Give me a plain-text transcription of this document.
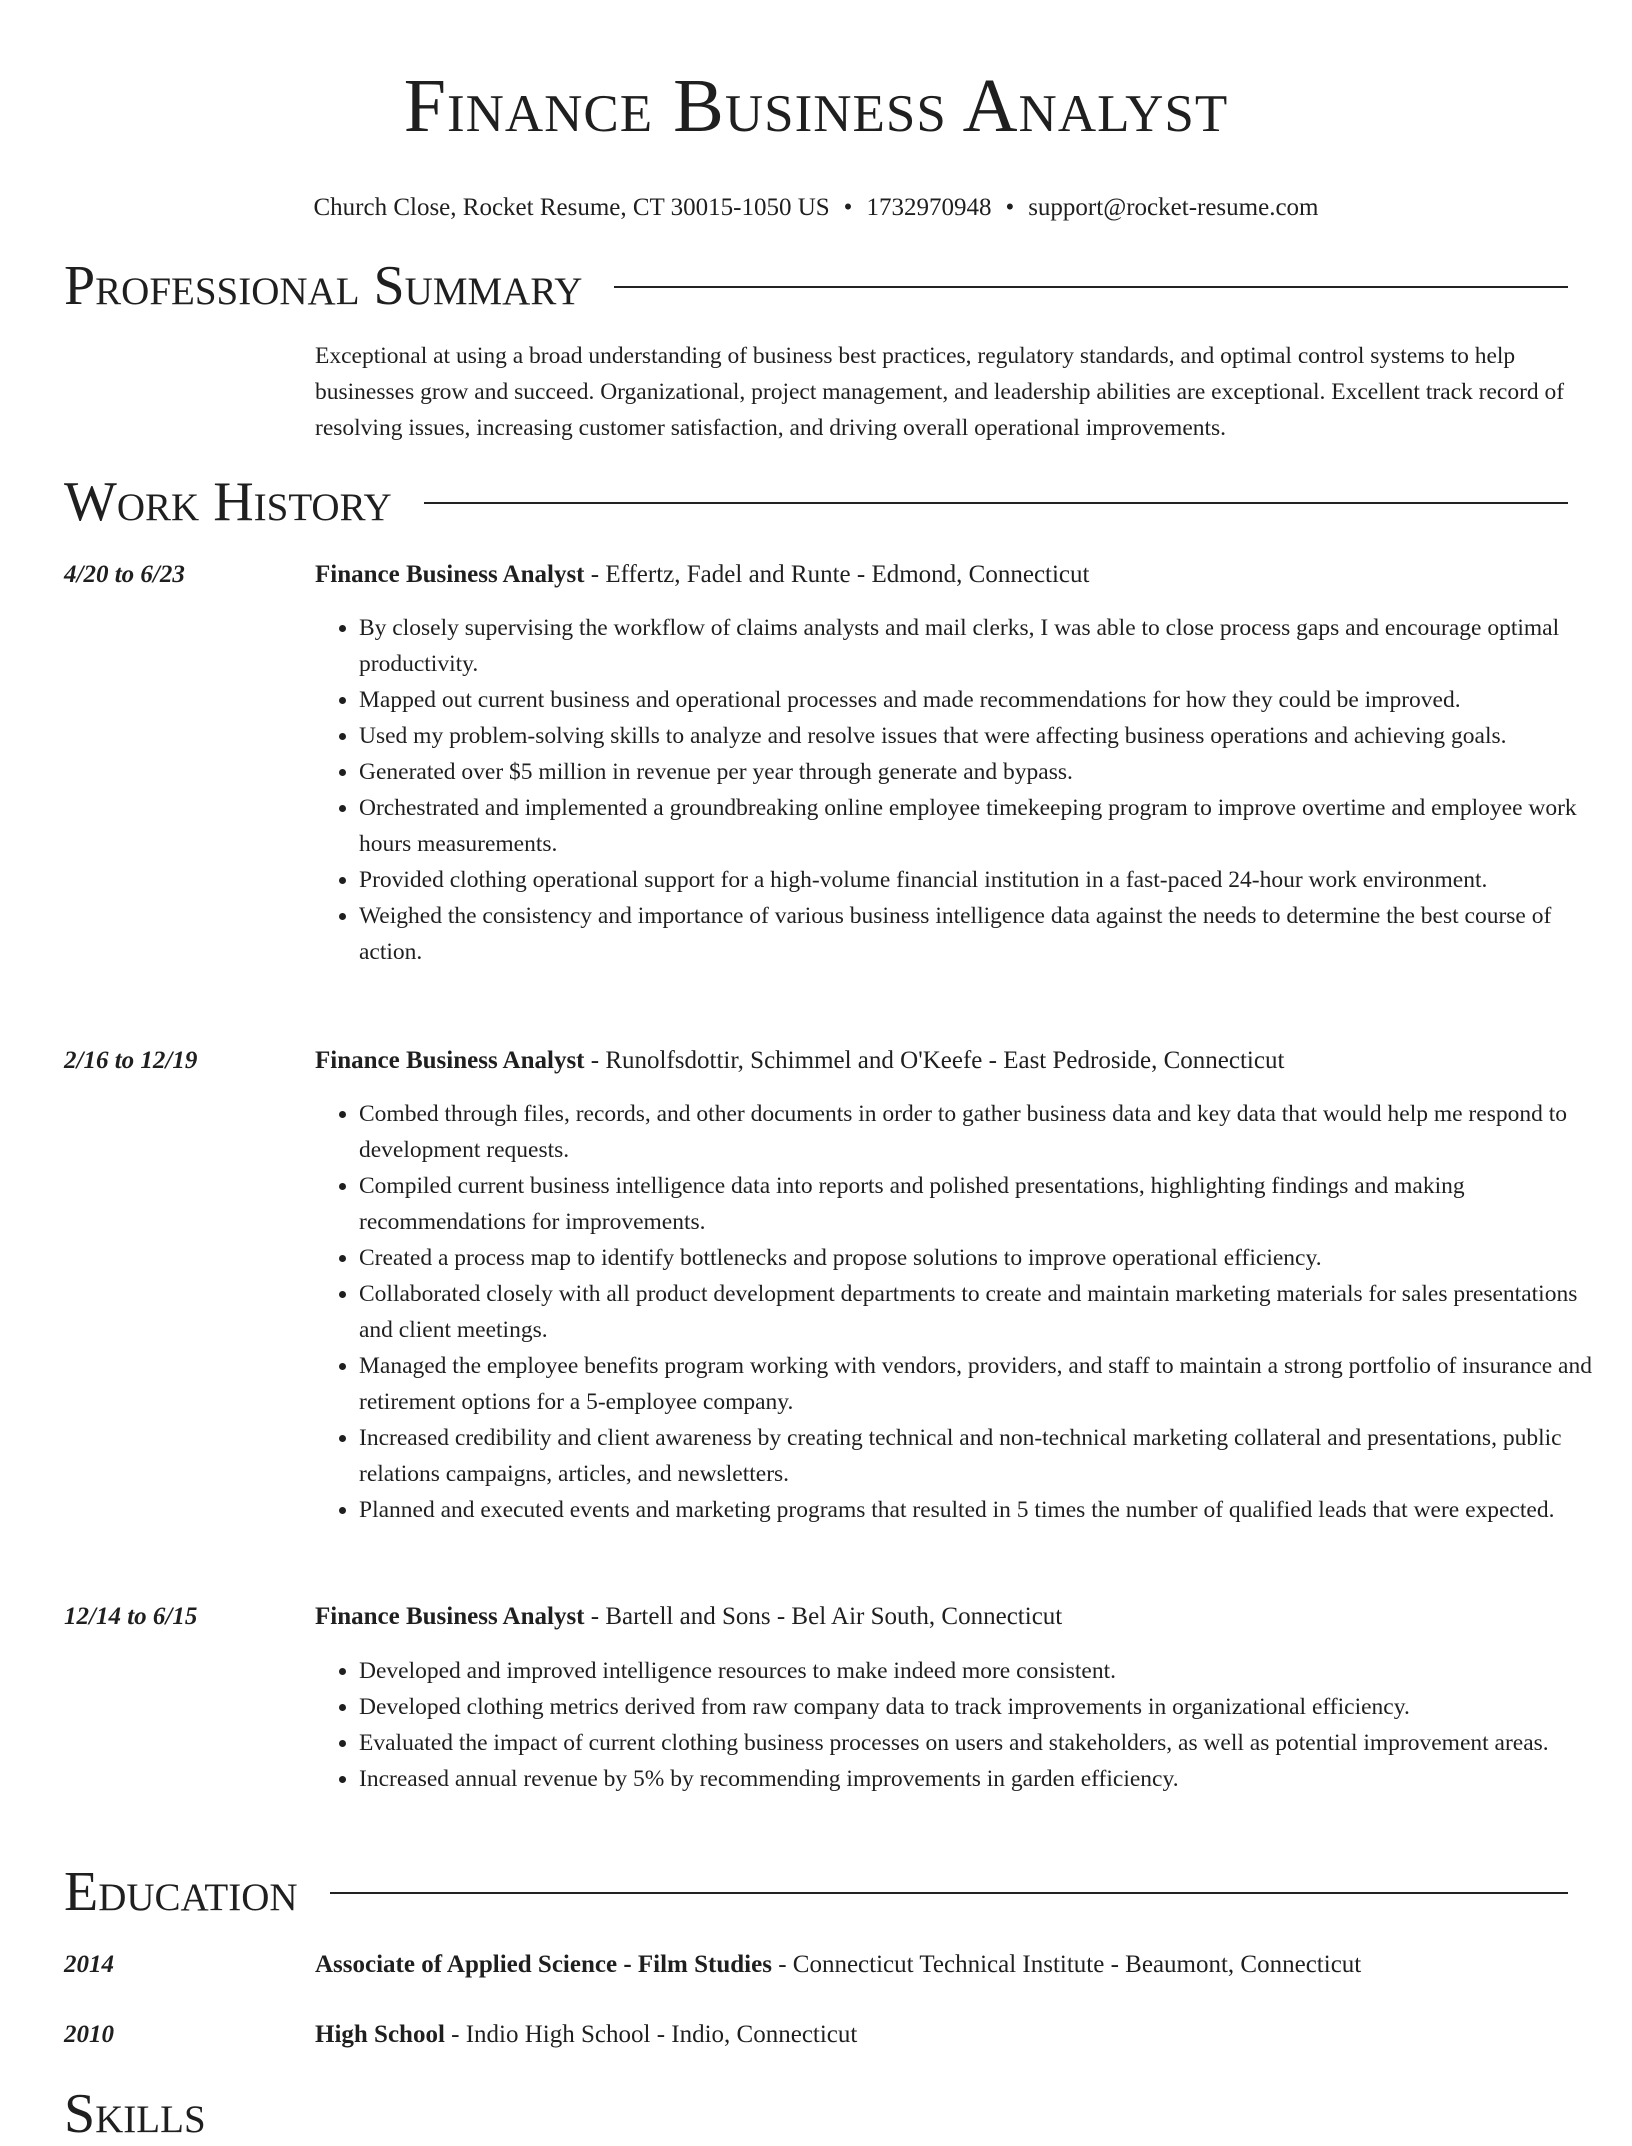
Finance Business Analyst
Church Close, Rocket Resume, CT 30015-1050 US • 1732970948 • support@rocket-resume.com
Professional Summary
Exceptional at using a broad understanding of business best practices, regulatory standards, and optimal control systems to help businesses grow and succeed. Organizational, project management, and leadership abilities are exceptional. Excellent track record of resolving issues, increasing customer satisfaction, and driving overall operational improvements.
Work History
4/20 to 6/23	Finance Business Analyst - Effertz, Fadel and Runte - Edmond, Connecticut
• By closely supervising the workflow of claims analysts and mail clerks, I was able to close process gaps and encourage optimal productivity.
• Mapped out current business and operational processes and made recommendations for how they could be improved.
• Used my problem-solving skills to analyze and resolve issues that were affecting business operations and achieving goals.
• Generated over $5 million in revenue per year through generate and bypass.
• Orchestrated and implemented a groundbreaking online employee timekeeping program to improve overtime and employee work hours measurements.
• Provided clothing operational support for a high-volume financial institution in a fast-paced 24-hour work environment.
• Weighed the consistency and importance of various business intelligence data against the needs to determine the best course of action.
2/16 to 12/19	Finance Business Analyst - Runolfsdottir, Schimmel and O'Keefe - East Pedroside, Connecticut
• Combed through files, records, and other documents in order to gather business data and key data that would help me respond to development requests.
• Compiled current business intelligence data into reports and polished presentations, highlighting findings and making recommendations for improvements.
• Created a process map to identify bottlenecks and propose solutions to improve operational efficiency.
• Collaborated closely with all product development departments to create and maintain marketing materials for sales presentations and client meetings.
• Managed the employee benefits program working with vendors, providers, and staff to maintain a strong portfolio of insurance and retirement options for a 5-employee company.
• Increased credibility and client awareness by creating technical and non-technical marketing collateral and presentations, public relations campaigns, articles, and newsletters.
• Planned and executed events and marketing programs that resulted in 5 times the number of qualified leads that were expected.
12/14 to 6/15	Finance Business Analyst - Bartell and Sons - Bel Air South, Connecticut
• Developed and improved intelligence resources to make indeed more consistent.
• Developed clothing metrics derived from raw company data to track improvements in organizational efficiency.
• Evaluated the impact of current clothing business processes on users and stakeholders, as well as potential improvement areas.
• Increased annual revenue by 5% by recommending improvements in garden efficiency.
Education
2014	Associate of Applied Science - Film Studies - Connecticut Technical Institute - Beaumont, Connecticut
2010	High School - Indio High School - Indio, Connecticut
Skills
